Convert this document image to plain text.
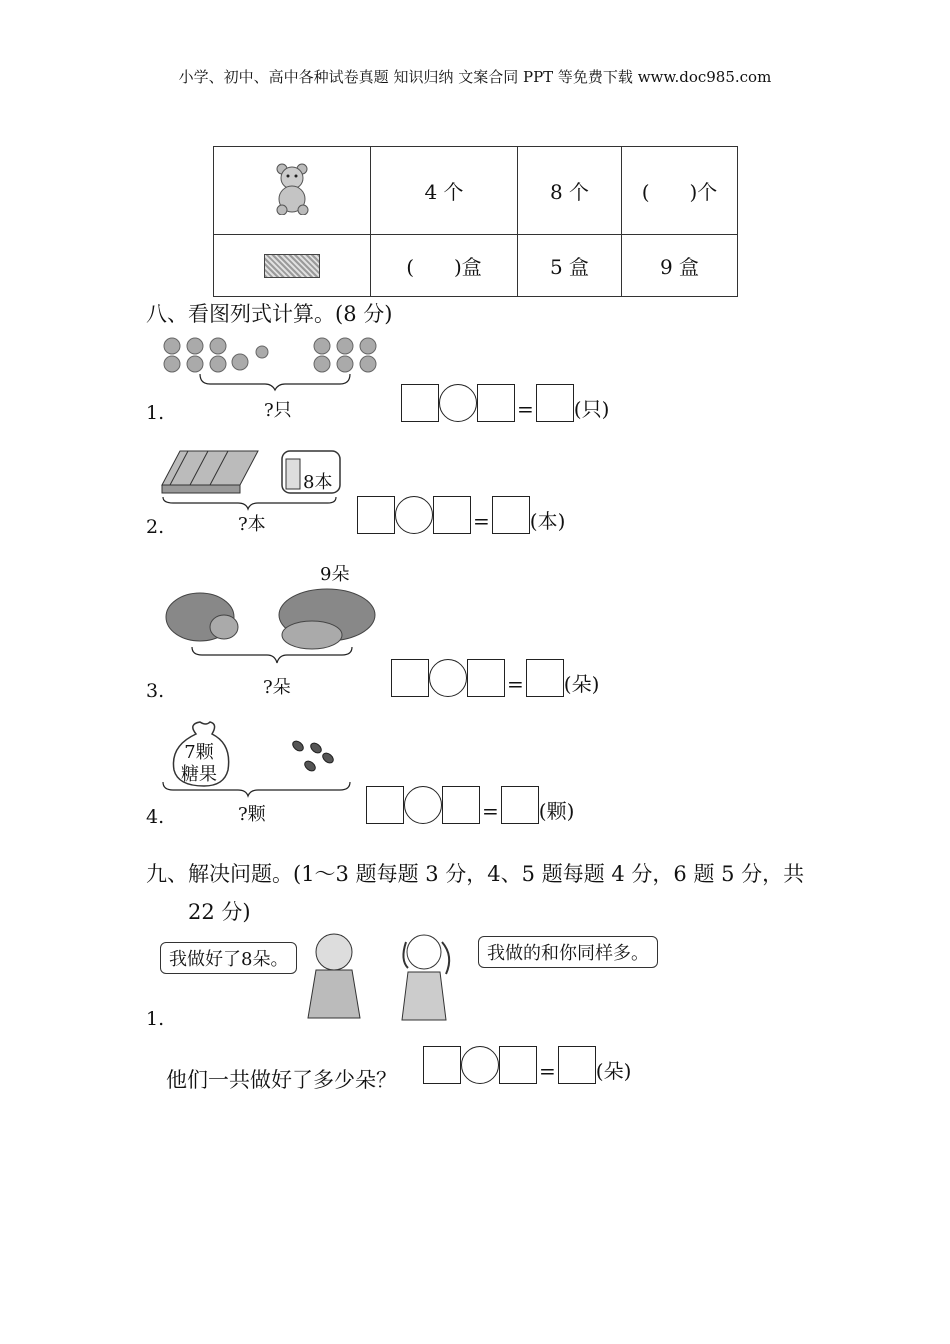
小学、初中、高中各种试卷真题 知识归纳 文案合同 PPT 等免费下载 www.doc985.com
	4 个	8 个	(　　)个

	(　　)盒	5 盒	9 盒
八、看图列式计算。(8 分)
?只
1.	= (只)
8本
?本
2.	= (本)
9朵
?朵
3.	= (朵)
7颗
糖果
?颗
4.	= (颗)
九、解决问题。(1～3 题每题 3 分，4、5 题每题 4 分，6 题 5 分，共
22 分)
我做好了8朵。	我做的和你同样多。
1.
他们一共做好了多少朵？	= (朵)
